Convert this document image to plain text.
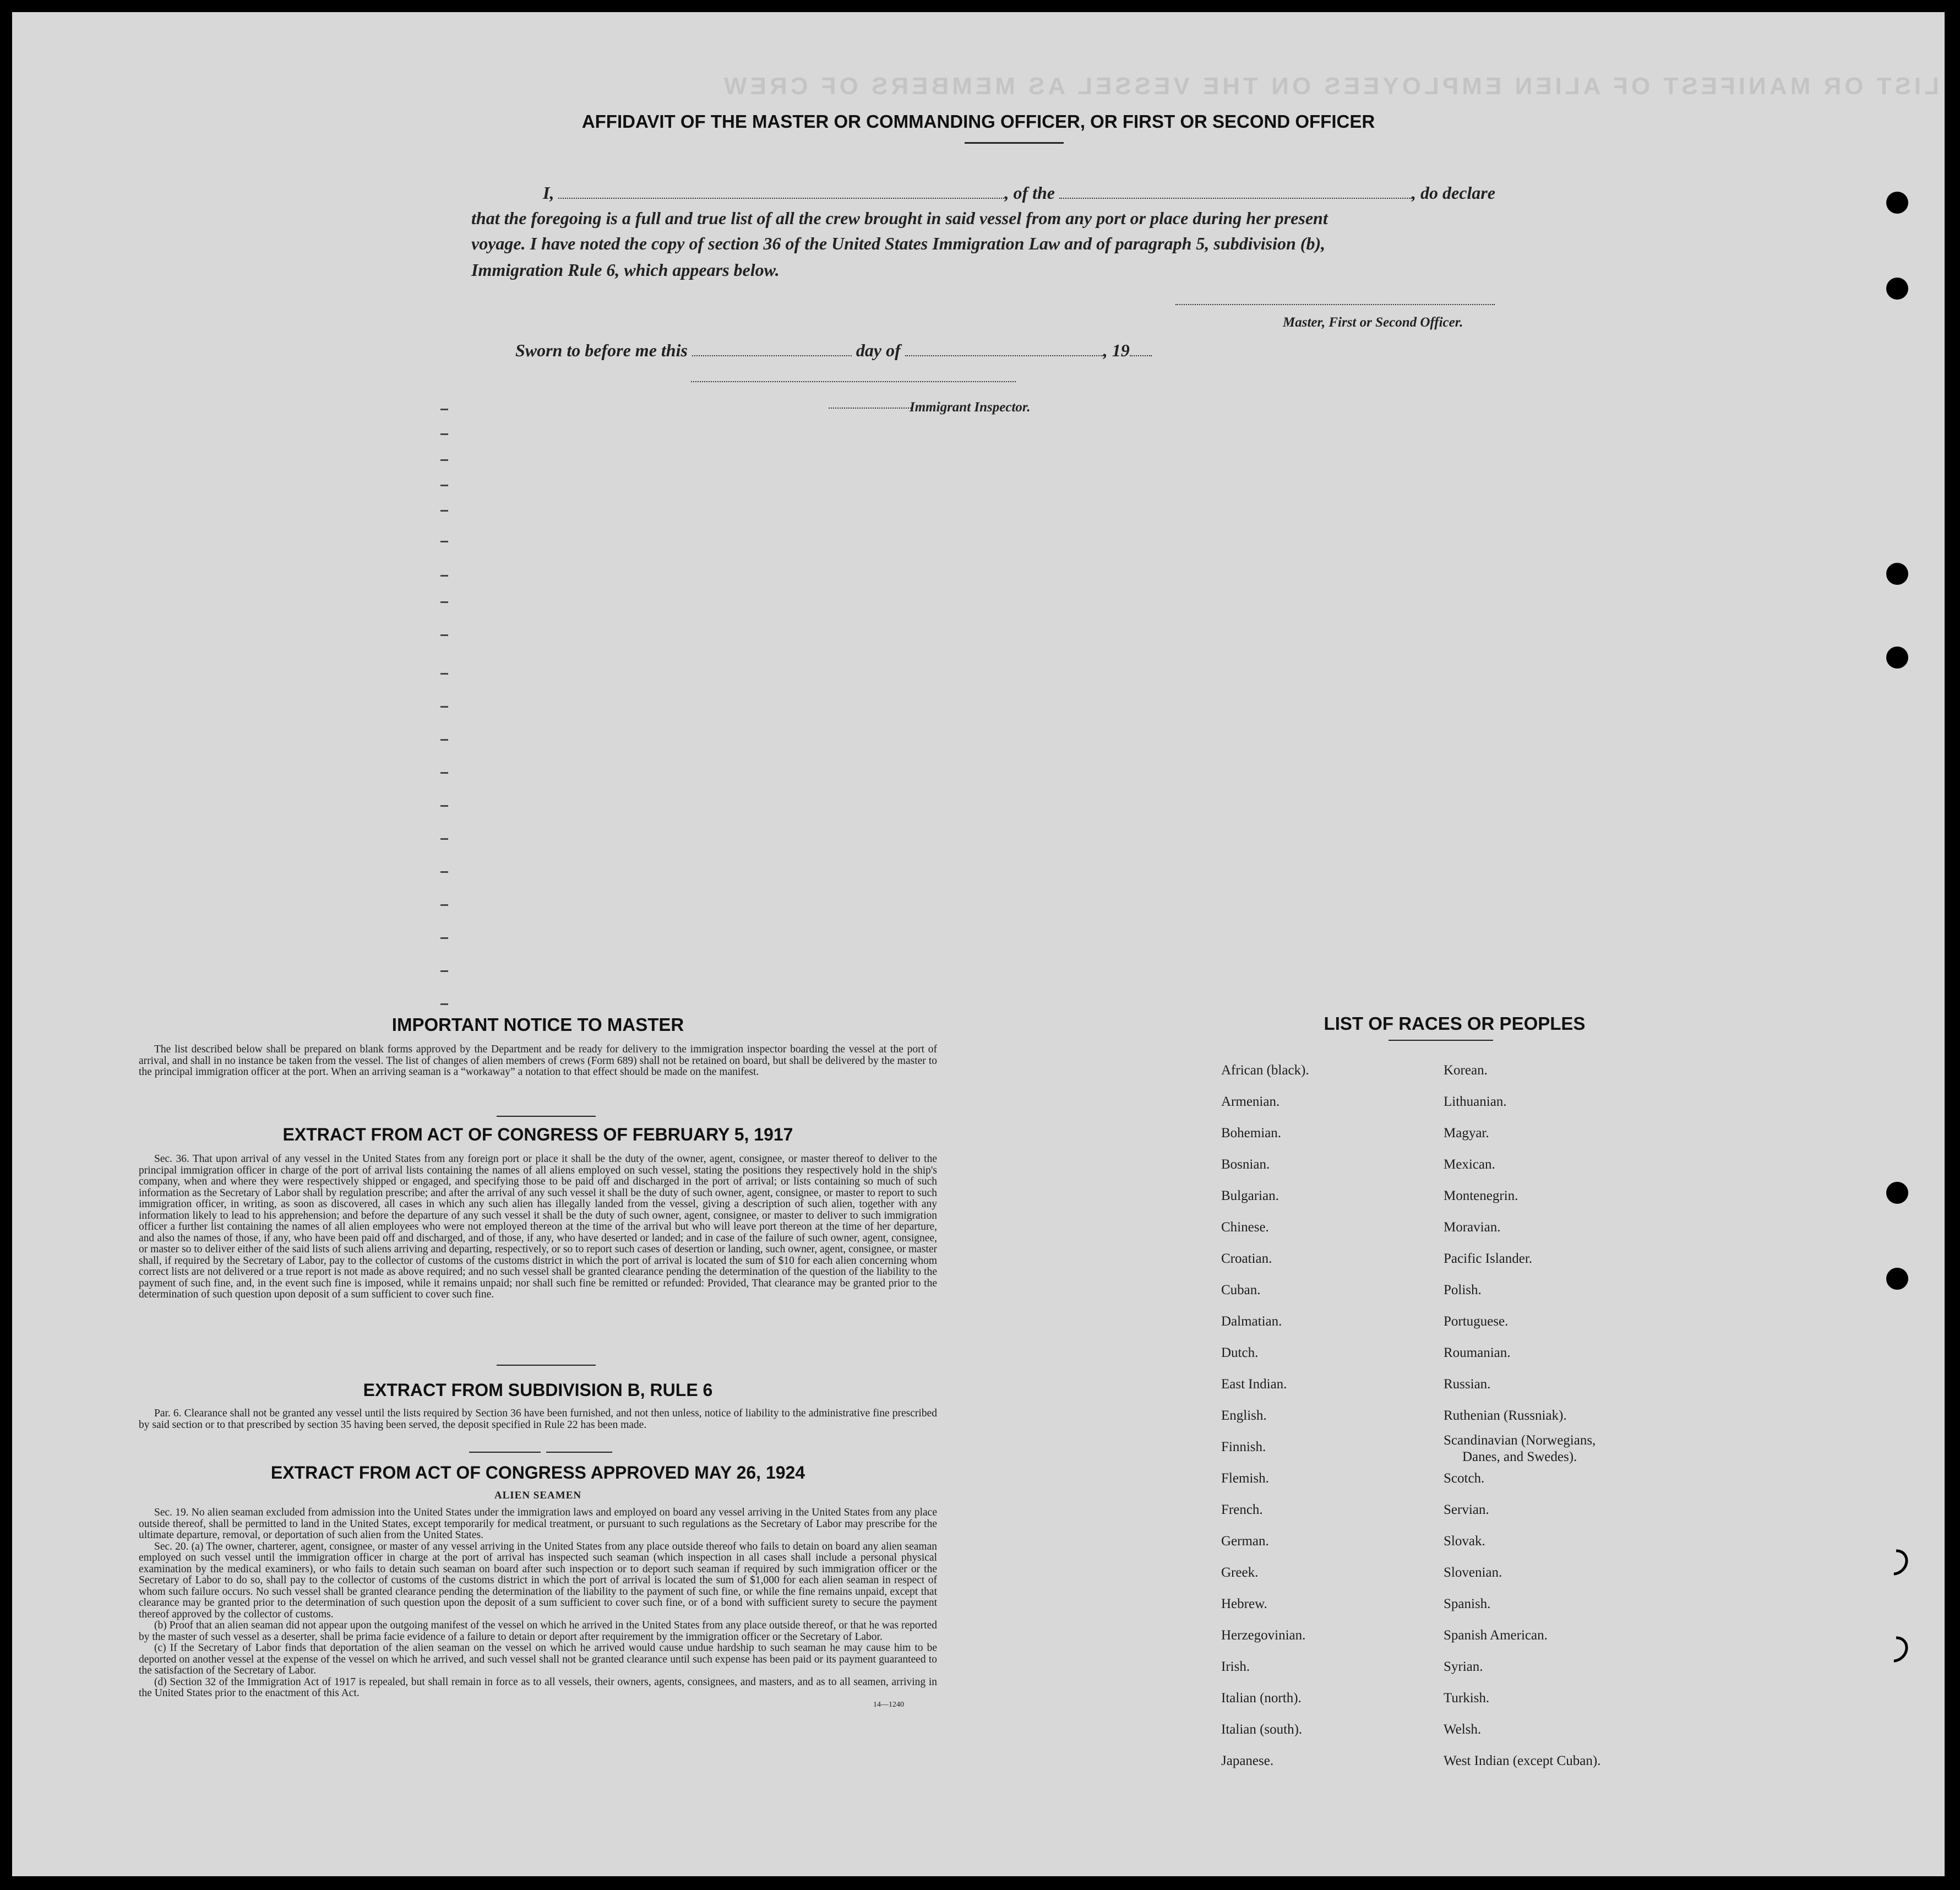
LIST OR MANIFEST OF ALIEN EMPLOYEES ON THE VESSEL AS MEMBERS OF CREW
AFFIDAVIT OF THE MASTER OR COMMANDING OFFICER, OR FIRST OR SECOND OFFICER
I,	, of the	, do declare
that the foregoing is a full and true list of all the crew brought in said vessel from any port or place during her present
voyage. I have noted the copy of section 36 of the United States Immigration Law and of paragraph 5, subdivision (b),
Immigration Rule 6, which appears below.
Master, First or Second Officer.
Sworn to before me this	day of	, 19
Immigrant Inspector.
IMPORTANT NOTICE TO MASTER

The list described below shall be prepared on blank forms approved by the Department and be ready for delivery to the immigration inspector boarding the vessel at the port of arrival, and shall in no instance be taken from the vessel. The list of changes of alien members of crews (Form 689) shall not be retained on board, but shall be delivered by the master to the principal immigration officer at the port. When an arriving seaman is a “workaway” a notation to that effect should be made on the manifest.

EXTRACT FROM ACT OF CONGRESS OF FEBRUARY 5, 1917

Sec. 36. That upon arrival of any vessel in the United States from any foreign port or place it shall be the duty of the owner, agent, consignee, or master thereof to deliver to the principal immigration officer in charge of the port of arrival lists containing the names of all aliens employed on such vessel, stating the positions they respectively hold in the ship's company, when and where they were respectively shipped or engaged, and specifying those to be paid off and discharged in the port of arrival; or lists containing so much of such information as the Secretary of Labor shall by regulation prescribe; and after the arrival of any such vessel it shall be the duty of such owner, agent, consignee, or master to report to such immigration officer, in writing, as soon as discovered, all cases in which any such alien has illegally landed from the vessel, giving a description of such alien, together with any information likely to lead to his apprehension; and before the departure of any such vessel it shall be the duty of such owner, agent, consignee, or master to deliver to such immigration officer a further list containing the names of all alien employees who were not employed thereon at the time of the arrival but who will leave port thereon at the time of her departure, and also the names of those, if any, who have been paid off and discharged, and of those, if any, who have deserted or landed; and in case of the failure of such owner, agent, consignee, or master so to deliver either of the said lists of such aliens arriving and departing, respectively, or so to report such cases of desertion or landing, such owner, agent, consignee, or master shall, if required by the Secretary of Labor, pay to the collector of customs of the customs district in which the port of arrival is located the sum of $10 for each alien concerning whom correct lists are not delivered or a true report is not made as above required; and no such vessel shall be granted clearance pending the determination of the question of the liability to the payment of such fine, and, in the event such fine is imposed, while it remains unpaid; nor shall such fine be remitted or refunded: Provided, That clearance may be granted prior to the determination of such question upon deposit of a sum sufficient to cover such fine.

EXTRACT FROM SUBDIVISION B, RULE 6

Par. 6. Clearance shall not be granted any vessel until the lists required by Section 36 have been furnished, and not then unless, notice of liability to the administrative fine prescribed by said section or to that prescribed by section 35 having been served, the deposit specified in Rule 22 has been made.

EXTRACT FROM ACT OF CONGRESS APPROVED MAY 26, 1924
ALIEN SEAMEN

Sec. 19. No alien seaman excluded from admission into the United States under the immigration laws and employed on board any vessel arriving in the United States from any place outside thereof, shall be permitted to land in the United States, except temporarily for medical treatment, or pursuant to such regulations as the Secretary of Labor may prescribe for the ultimate departure, removal, or deportation of such alien from the United States.

Sec. 20. (a) The owner, charterer, agent, consignee, or master of any vessel arriving in the United States from any place outside thereof who fails to detain on board any alien seaman employed on such vessel until the immigration officer in charge at the port of arrival has inspected such seaman (which inspection in all cases shall include a personal physical examination by the medical examiners), or who fails to detain such seaman on board after such inspection or to deport such seaman if required by such immigration officer or the Secretary of Labor to do so, shall pay to the collector of customs of the customs district in which the port of arrival is located the sum of $1,000 for each alien seaman in respect of whom such failure occurs. No such vessel shall be granted clearance pending the determination of the liability to the payment of such fine, or while the fine remains unpaid, except that clearance may be granted prior to the determination of such question upon the deposit of a sum sufficient to cover such fine, or of a bond with sufficient surety to secure the payment thereof approved by the collector of customs.

(b) Proof that an alien seaman did not appear upon the outgoing manifest of the vessel on which he arrived in the United States from any place outside thereof, or that he was reported by the master of such vessel as a deserter, shall be prima facie evidence of a failure to detain or deport after requirement by the immigration officer or the Secretary of Labor.

(c) If the Secretary of Labor finds that deportation of the alien seaman on the vessel on which he arrived would cause undue hardship to such seaman he may cause him to be deported on another vessel at the expense of the vessel on which he arrived, and such vessel shall not be granted clearance until such expense has been paid or its payment guaranteed to the satisfaction of the Secretary of Labor.

(d) Section 32 of the Immigration Act of 1917 is repealed, but shall remain in force as to all vessels, their owners, agents, consignees, and masters, and as to all seamen, arriving in the United States prior to the enactment of this Act.

14—1240
LIST OF RACES OR PEOPLES
African (black).
Armenian.
Bohemian.
Bosnian.
Bulgarian.
Chinese.
Croatian.
Cuban.
Dalmatian.
Dutch.
East Indian.
English.
Finnish.
Flemish.
French.
German.
Greek.
Hebrew.
Herzegovinian.
Irish.
Italian (north).
Italian (south).
Japanese.
Korean.
Lithuanian.
Magyar.
Mexican.
Montenegrin.
Moravian.
Pacific Islander.
Polish.
Portuguese.
Roumanian.
Russian.
Ruthenian (Russniak).
Scandinavian (Norwegians,
Danes, and Swedes).
Scotch.
Servian.
Slovak.
Slovenian.
Spanish.
Spanish American.
Syrian.
Turkish.
Welsh.
West Indian (except Cuban).
